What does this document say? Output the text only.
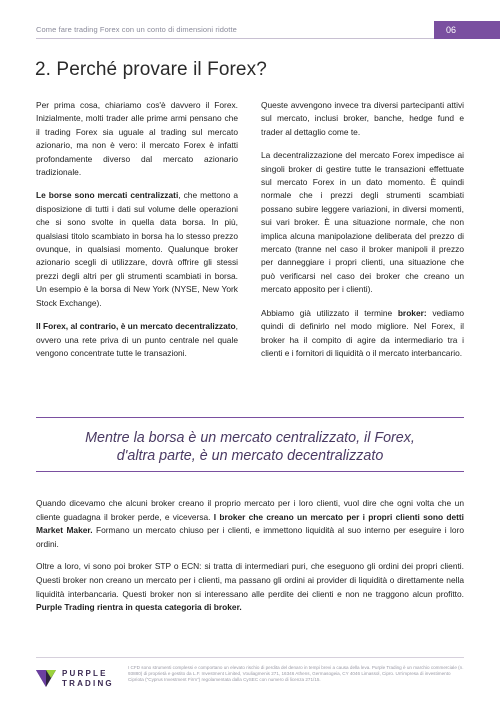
Come fare trading Forex con un conto di dimensioni ridotte	06
2. Perché provare il Forex?

Per prima cosa, chiariamo cos'è davvero il Forex. Inizialmente, molti trader alle prime armi pensano che il trading Forex sia uguale al trading sul mercato azionario, ma non è vero: il mercato Forex è infatti profondamente diverso dal mercato azionario tradizionale.

Le borse sono mercati centralizzati, che mettono a disposizione di tutti i dati sul volume delle operazioni che si sono svolte in quella data borsa. In più, qualsiasi titolo scambiato in borsa ha lo stesso prezzo ovunque, in qualsiasi momento. Qualunque broker azionario scegli di utilizzare, dovrà offrire gli stessi prezzi degli altri per gli strumenti scambiati in borsa. Un esempio è la borsa di New York (NYSE, New York Stock Exchange).

Il Forex, al contrario, è un mercato decentralizzato, ovvero una rete priva di un punto centrale nel quale vengono concentrate tutte le transazioni.

Queste avvengono invece tra diversi partecipanti attivi sul mercato, inclusi broker, banche, hedge fund e trader al dettaglio come te.

La decentralizzazione del mercato Forex impedisce ai singoli broker di gestire tutte le transazioni effettuate sul mercato Forex in un dato momento. È quindi normale che i prezzi degli strumenti scambiati possano subire leggere variazioni, in diversi momenti, sui vari broker. È una situazione normale, che non implica alcuna manipolazione deliberata del prezzo di mercato (tranne nel caso il broker manipoli il prezzo per danneggiare i propri clienti, una situazione che può verificarsi nel caso dei broker che creano un mercato apposito per i clienti).

Abbiamo già utilizzato il termine broker: vediamo quindi di definirlo nel modo migliore. Nel Forex, il broker ha il compito di agire da intermediario tra i clienti e i fornitori di liquidità o il mercato interbancario.

Mentre la borsa è un mercato centralizzato, il Forex,
d'altra parte, è un mercato decentralizzato

Quando dicevamo che alcuni broker creano il proprio mercato per i loro clienti, vuol dire che ogni volta che un cliente guadagna il broker perde, e viceversa. I broker che creano un mercato per i propri clienti sono detti Market Maker. Formano un mercato chiuso per i clienti, e immettono liquidità al suo interno per eseguire i loro ordini.

Oltre a loro, vi sono poi broker STP o ECN: si tratta di intermediari puri, che eseguono gli ordini dei propri clienti. Questi broker non creano un mercato per i clienti, ma passano gli ordini ai provider di liquidità o direttamente nella liquidità interbancaria. Questi broker non si interessano alle perdite dei clienti e non ne traggono alcun profitto. Purple Trading rientra in questa categoria di broker.

PURPLE
TRADING
I CFD sono strumenti complessi e comportano un elevato rischio di perdita del denaro in tempi brevi a causa della leva. Purple Trading è un marchio commerciale (n. 93880) di proprietà e gestito da L.F. Investment Limited, Vouliagmenis 271, 16346 Athens, Germasogeia, CY 4046 Limassol, Cipro. Un'impresa di investimento Cipriota ("Cyprus Investment Firm") regolamentata dalla CySEC con numero di licenza 271/15.
